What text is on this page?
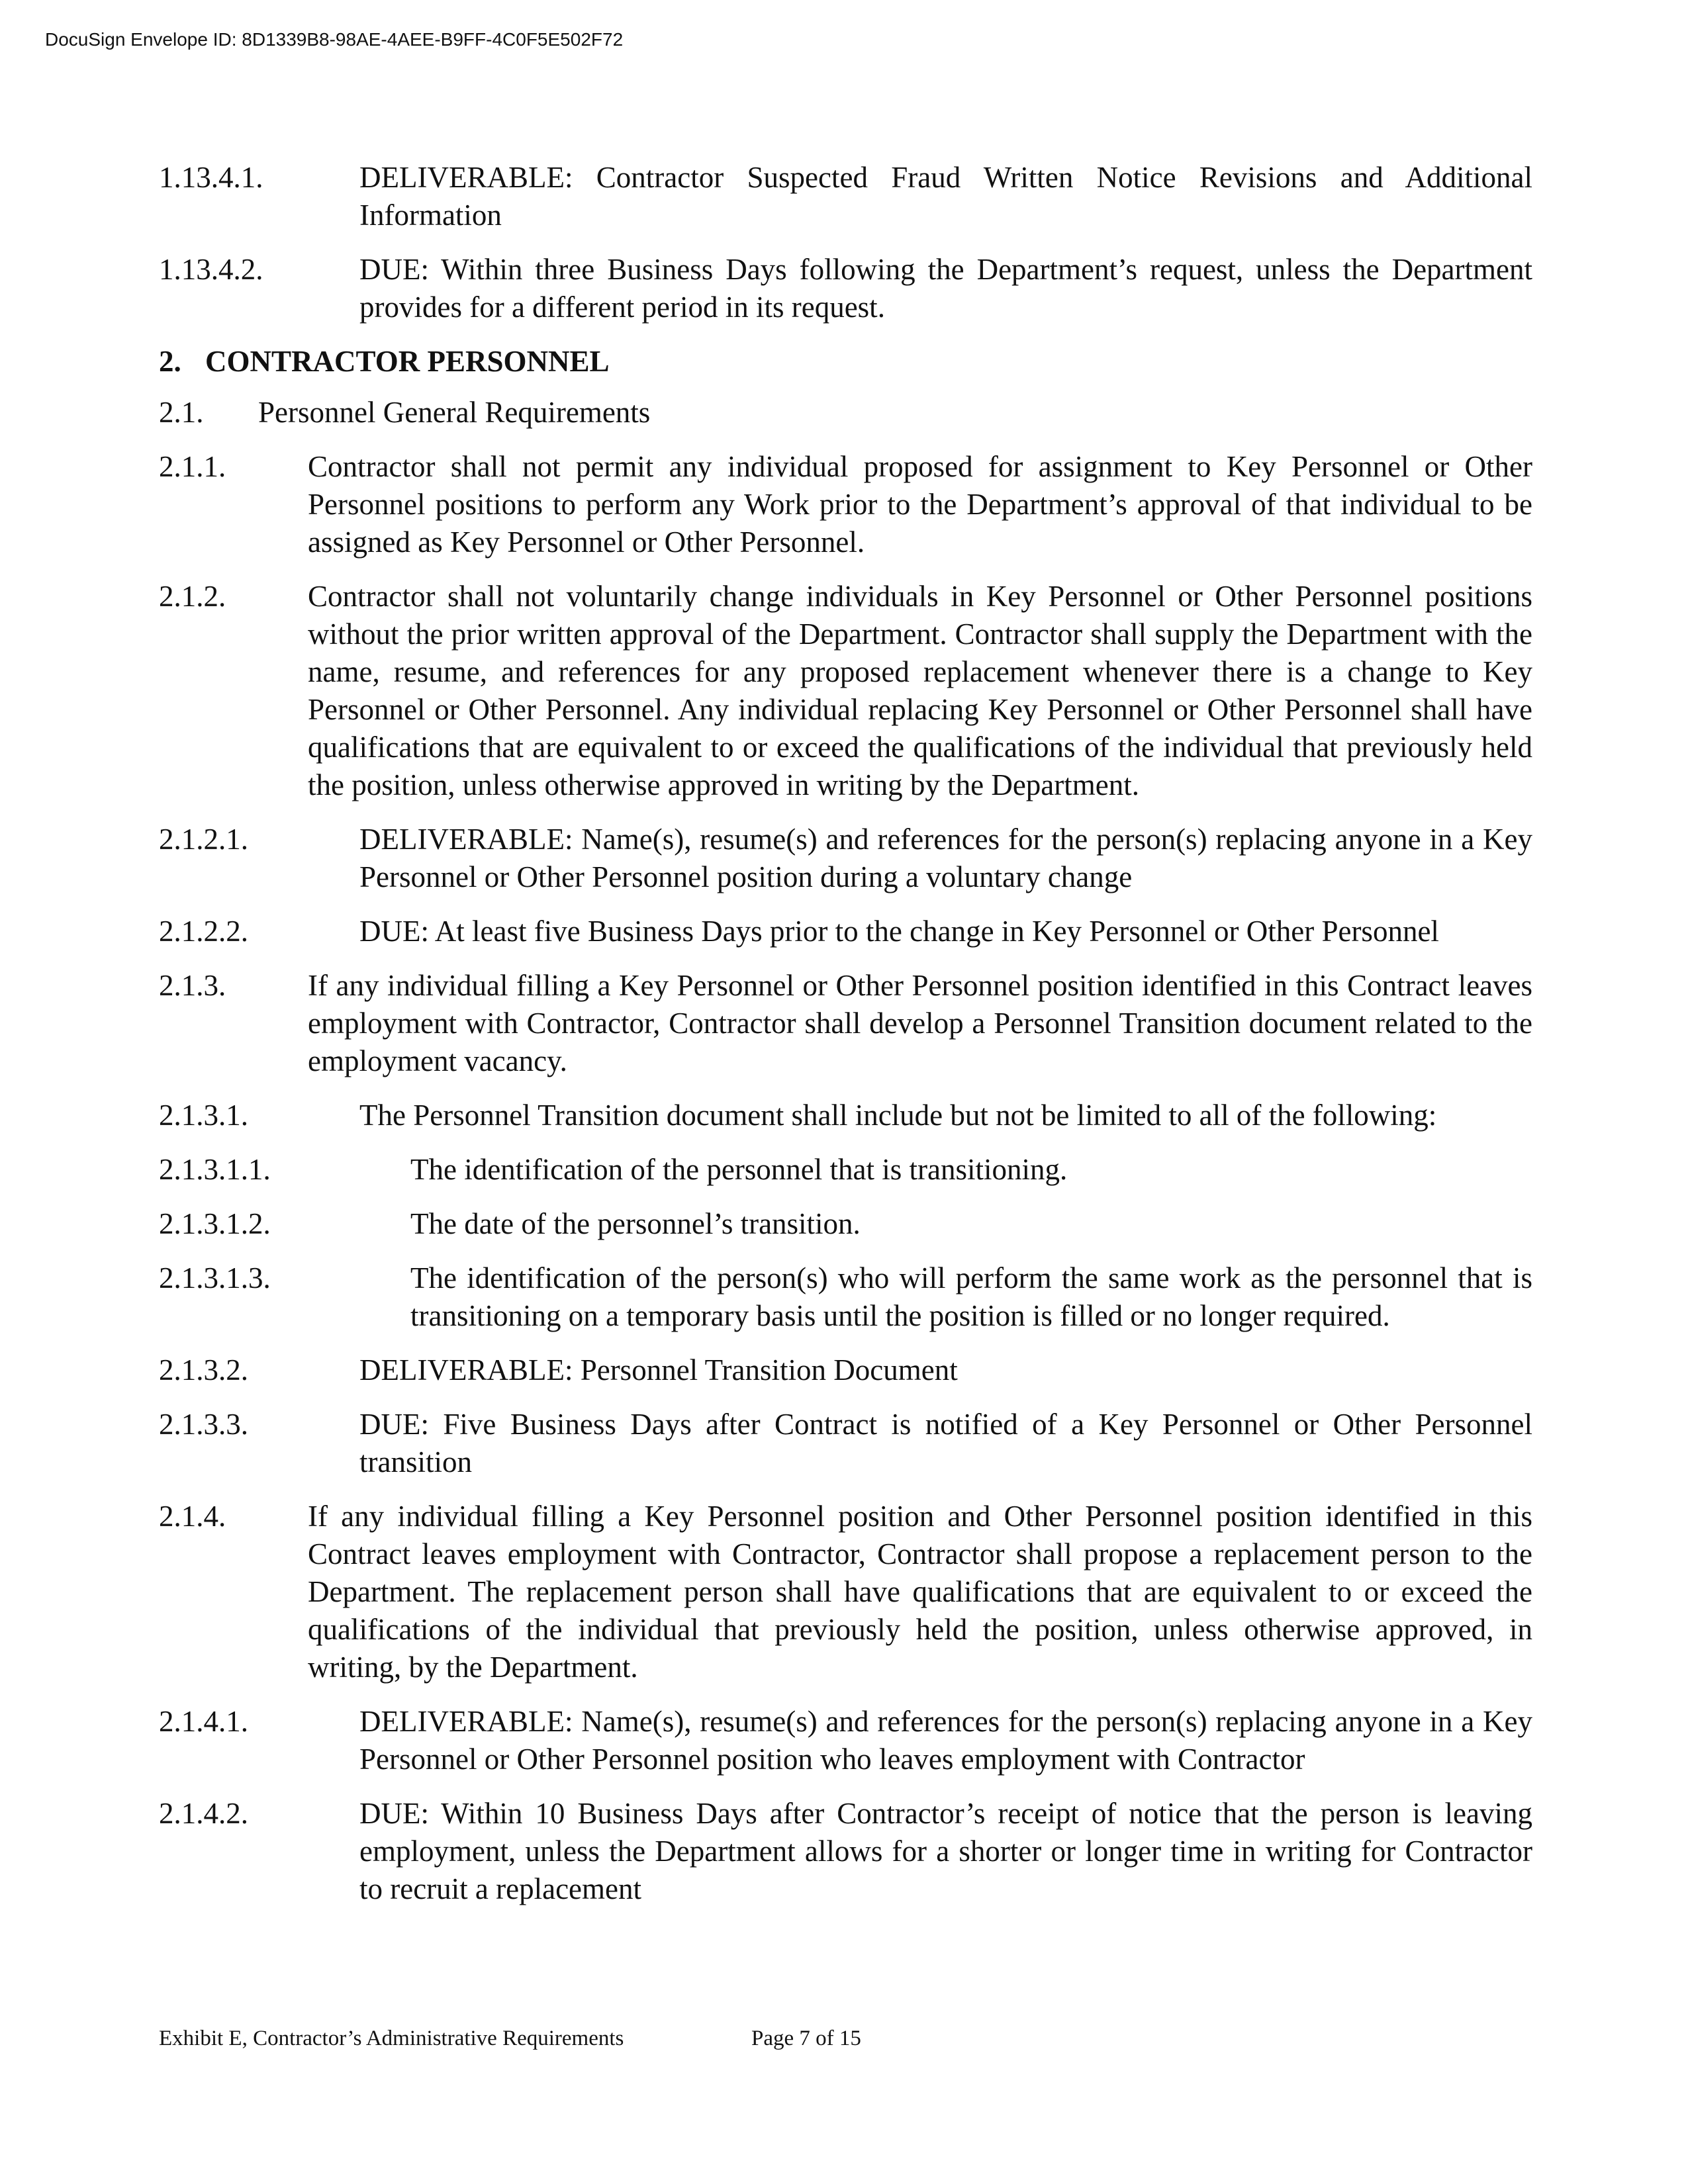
DocuSign Envelope ID: 8D1339B8-98AE-4AEE-B9FF-4C0F5E502F72
1.13.4.1.	DELIVERABLE: Contractor Suspected Fraud Written Notice Revisions and Additional Information
1.13.4.2.	DUE: Within three Business Days following the Department’s request, unless the Department provides for a different period in its request.
2. CONTRACTOR PERSONNEL
2.1. Personnel General Requirements
2.1.1.	Contractor shall not permit any individual proposed for assignment to Key Personnel or Other Personnel positions to perform any Work prior to the Department’s approval of that individual to be assigned as Key Personnel or Other Personnel.
2.1.2.	Contractor shall not voluntarily change individuals in Key Personnel or Other Personnel positions without the prior written approval of the Department. Contractor shall supply the Department with the name, resume, and references for any proposed replacement whenever there is a change to Key Personnel or Other Personnel. Any individual replacing Key Personnel or Other Personnel shall have qualifications that are equivalent to or exceed the qualifications of the individual that previously held the position, unless otherwise approved in writing by the Department.
2.1.2.1.	DELIVERABLE: Name(s), resume(s) and references for the person(s) replacing anyone in a Key Personnel or Other Personnel position during a voluntary change
2.1.2.2.	DUE: At least five Business Days prior to the change in Key Personnel or Other Personnel
2.1.3.	If any individual filling a Key Personnel or Other Personnel position identified in this Contract leaves employment with Contractor, Contractor shall develop a Personnel Transition document related to the employment vacancy.
2.1.3.1.	The Personnel Transition document shall include but not be limited to all of the following:
2.1.3.1.1.	The identification of the personnel that is transitioning.
2.1.3.1.2.	The date of the personnel’s transition.
2.1.3.1.3.	The identification of the person(s) who will perform the same work as the personnel that is transitioning on a temporary basis until the position is filled or no longer required.
2.1.3.2.	DELIVERABLE: Personnel Transition Document
2.1.3.3.	DUE: Five Business Days after Contract is notified of a Key Personnel or Other Personnel transition
2.1.4.	If any individual filling a Key Personnel position and Other Personnel position identified in this Contract leaves employment with Contractor, Contractor shall propose a replacement person to the Department. The replacement person shall have qualifications that are equivalent to or exceed the qualifications of the individual that previously held the position, unless otherwise approved, in writing, by the Department.
2.1.4.1.	DELIVERABLE: Name(s), resume(s) and references for the person(s) replacing anyone in a Key Personnel or Other Personnel position who leaves employment with Contractor
2.1.4.2.	DUE: Within 10 Business Days after Contractor’s receipt of notice that the person is leaving employment, unless the Department allows for a shorter or longer time in writing for Contractor to recruit a replacement
Exhibit E, Contractor’s Administrative Requirements	Page 7 of 15
